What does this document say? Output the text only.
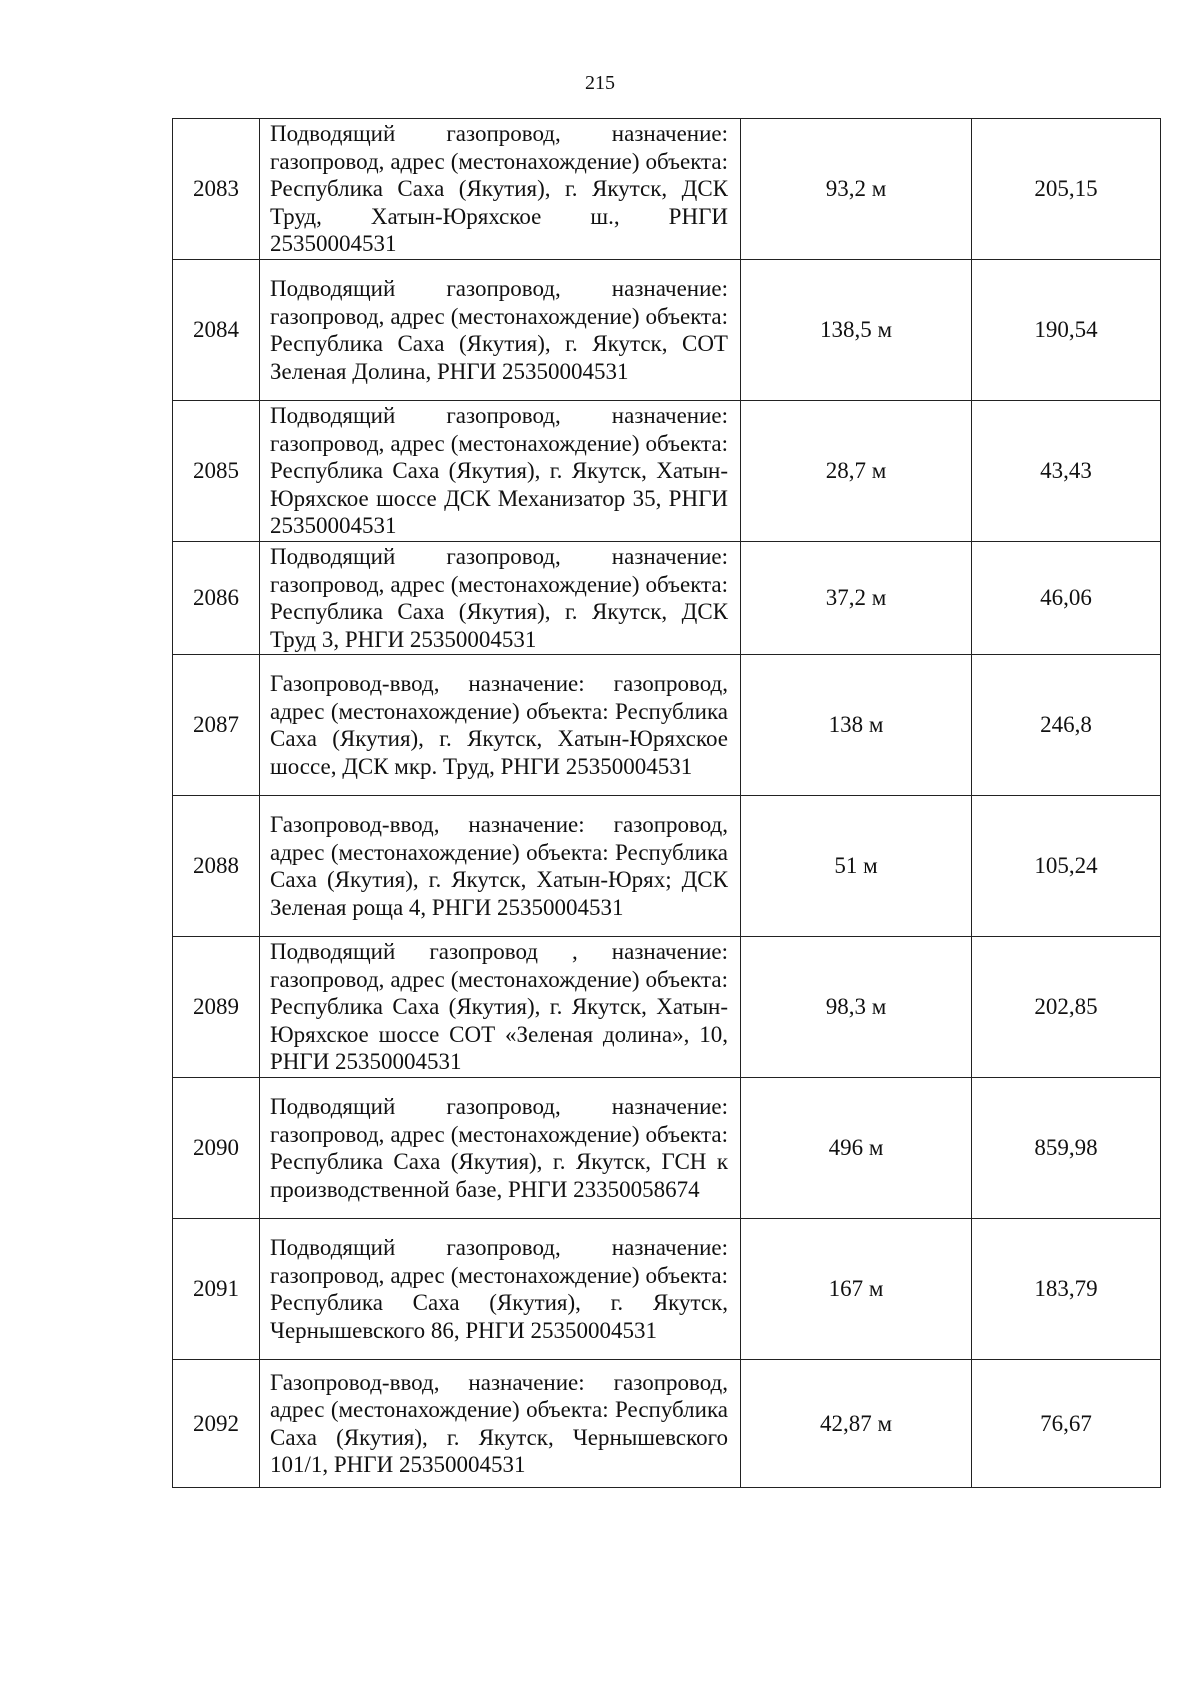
215
2083	Подводящий газопровод, назначение: газопровод, адрес (местонахождение) объекта: Республика Саха (Якутия), г. Якутск, ДСК Труд, Хатын-Юряхское ш., РНГИ 25350004531	93,2 м	205,15
2084	Подводящий газопровод, назначение: газопровод, адрес (местонахождение) объекта: Республика Саха (Якутия), г. Якутск, СОТ Зеленая Долина, РНГИ 25350004531	138,5 м	190,54
2085	Подводящий газопровод, назначение: газопровод, адрес (местонахождение) объекта: Республика Саха (Якутия), г. Якутск, Хатын-Юряхское шоссе ДСК Механизатор 35, РНГИ 25350004531	28,7 м	43,43
2086	Подводящий газопровод, назначение: газопровод, адрес (местонахождение) объекта: Республика Саха (Якутия), г. Якутск, ДСК Труд 3, РНГИ 25350004531	37,2 м	46,06
2087	Газопровод-ввод, назначение: газопровод, адрес (местонахождение) объекта: Республика Саха (Якутия), г. Якутск, Хатын-Юряхское шоссе, ДСК мкр. Труд, РНГИ 25350004531	138 м	246,8
2088	Газопровод-ввод, назначение: газопровод, адрес (местонахождение) объекта: Республика Саха (Якутия), г. Якутск, Хатын-Юрях; ДСК Зеленая роща 4, РНГИ 25350004531	51 м	105,24
2089	Подводящий газопровод , назначение: газопровод, адрес (местонахождение) объекта: Республика Саха (Якутия), г. Якутск, Хатын-Юряхское шоссе СОТ «Зеленая долина», 10, РНГИ 25350004531	98,3 м	202,85
2090	Подводящий газопровод, назначение: газопровод, адрес (местонахождение) объекта: Республика Саха (Якутия), г. Якутск, ГСН к производственной базе, РНГИ 23350058674	496 м	859,98
2091	Подводящий газопровод, назначение: газопровод, адрес (местонахождение) объекта: Республика Саха (Якутия), г. Якутск, Чернышевского 86, РНГИ 25350004531	167 м	183,79
2092	Газопровод-ввод, назначение: газопровод, адрес (местонахождение) объекта: Республика Саха (Якутия), г. Якутск, Чернышевского 101/1, РНГИ 25350004531	42,87 м	76,67
